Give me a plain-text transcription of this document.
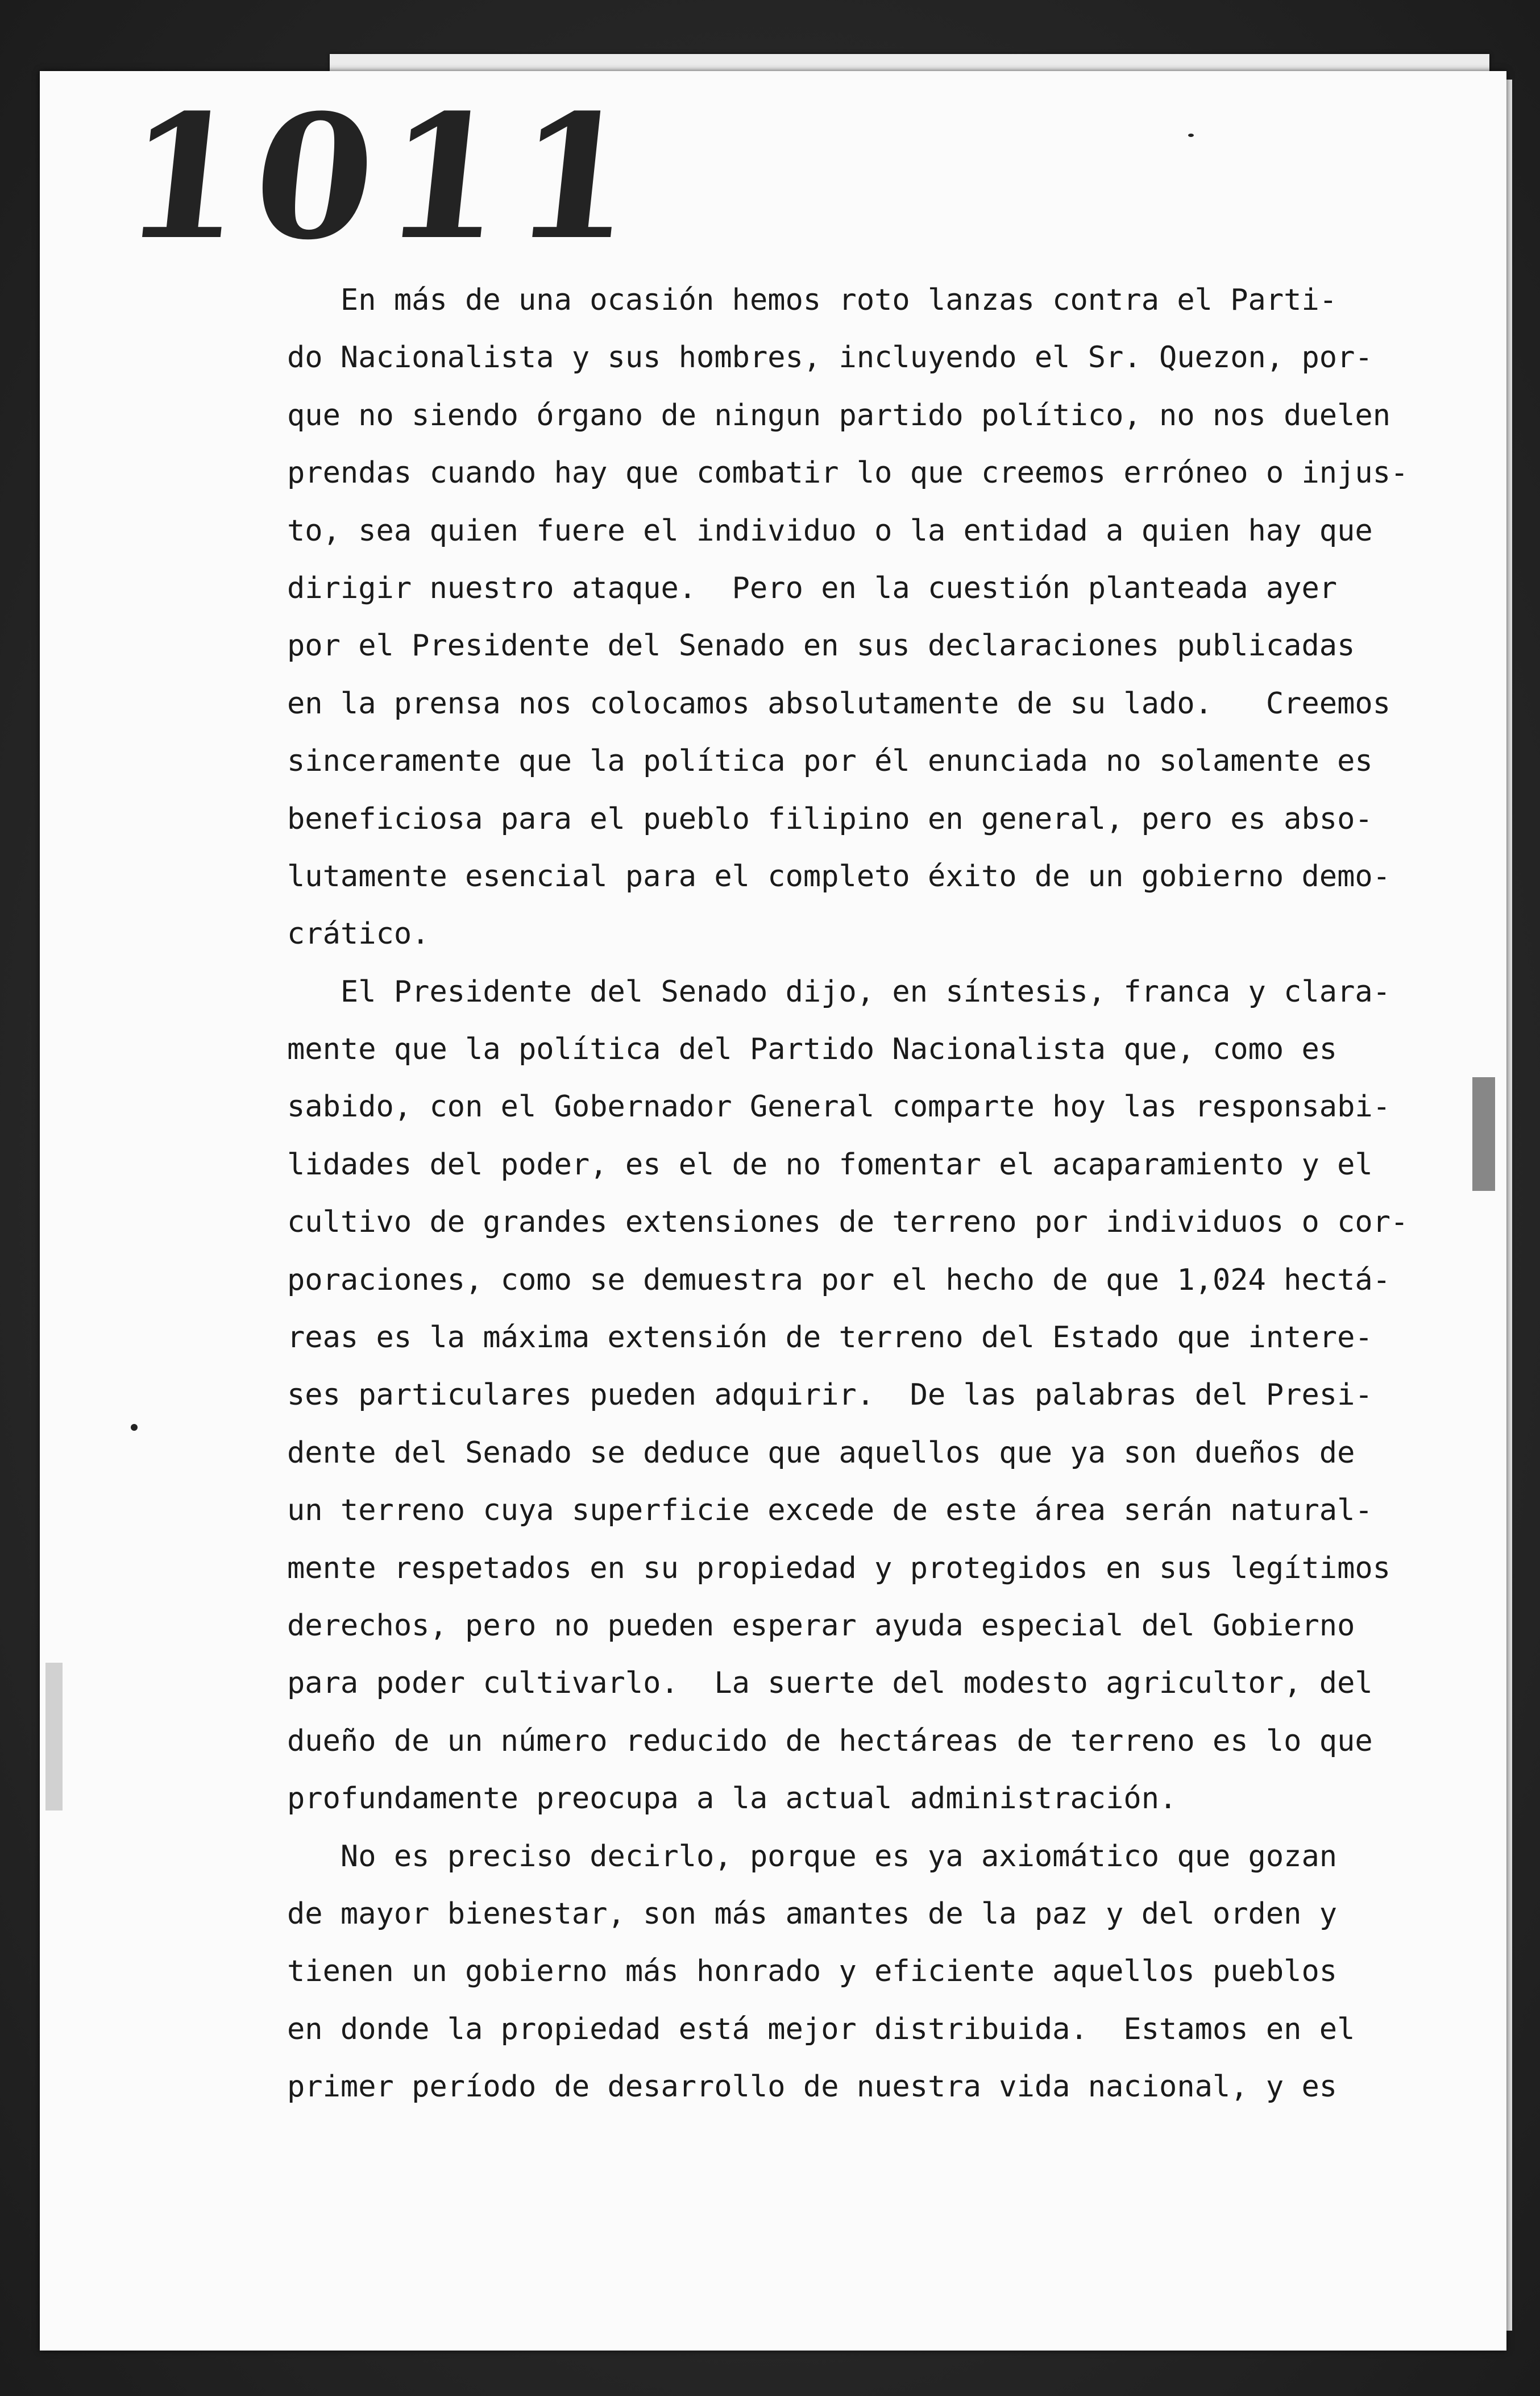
1011
En más de una ocasión hemos roto lanzas contra el Parti-
do Nacionalista y sus hombres, incluyendo el Sr. Quezon, por-
que no siendo órgano de ningun partido político, no nos duelen
prendas cuando hay que combatir lo que creemos erróneo o injus-
to, sea quien fuere el individuo o la entidad a quien hay que
dirigir nuestro ataque.  Pero en la cuestión planteada ayer
por el Presidente del Senado en sus declaraciones publicadas
en la prensa nos colocamos absolutamente de su lado.   Creemos
sinceramente que la política por él enunciada no solamente es
beneficiosa para el pueblo filipino en general, pero es abso-
lutamente esencial para el completo éxito de un gobierno demo-
crático.
El Presidente del Senado dijo, en síntesis, franca y clara-
mente que la política del Partido Nacionalista que, como es
sabido, con el Gobernador General comparte hoy las responsabi-
lidades del poder, es el de no fomentar el acaparamiento y el
cultivo de grandes extensiones de terreno por individuos o cor-
poraciones, como se demuestra por el hecho de que 1,024 hectá-
reas es la máxima extensión de terreno del Estado que intere-
ses particulares pueden adquirir.  De las palabras del Presi-
dente del Senado se deduce que aquellos que ya son dueños de
un terreno cuya superficie excede de este área serán natural-
mente respetados en su propiedad y protegidos en sus legítimos
derechos, pero no pueden esperar ayuda especial del Gobierno
para poder cultivarlo.  La suerte del modesto agricultor, del
dueño de un número reducido de hectáreas de terreno es lo que
profundamente preocupa a la actual administración.
No es preciso decirlo, porque es ya axiomático que gozan
de mayor bienestar, son más amantes de la paz y del orden y
tienen un gobierno más honrado y eficiente aquellos pueblos
en donde la propiedad está mejor distribuida.  Estamos en el
primer período de desarrollo de nuestra vida nacional, y es
